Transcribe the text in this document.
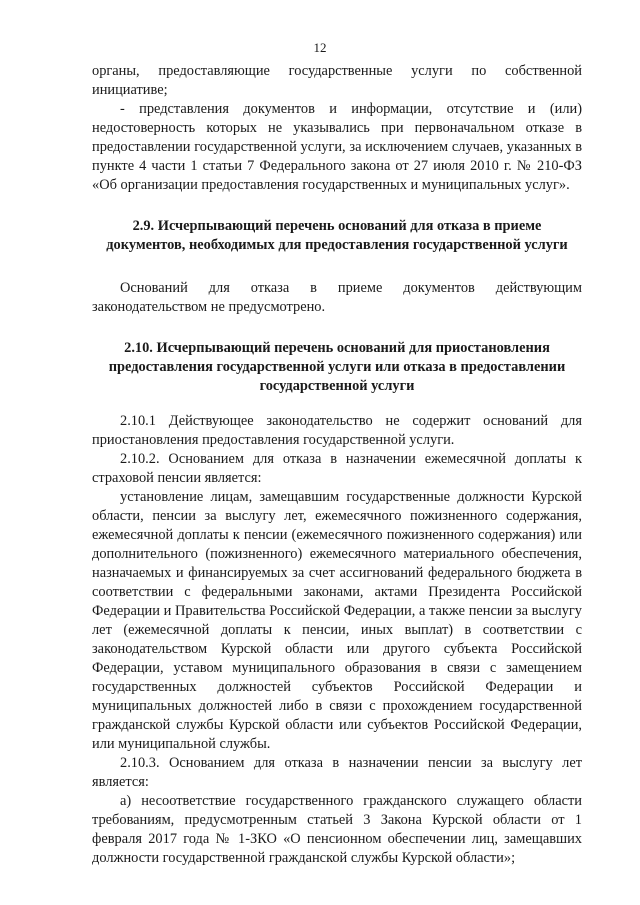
12

органы, предоставляющие государственные услуги по собственной инициативе;

- представления документов и информации, отсутствие и (или) недостоверность которых не указывались при первоначальном отказе в предоставлении государственной услуги, за исключением случаев, указанных в пункте 4 части 1 статьи 7 Федерального закона от 27 июля 2010 г. № 210-ФЗ «Об организации предоставления государственных и муниципальных услуг».

2.9. Исчерпывающий перечень оснований для отказа в приеме документов, необходимых для предоставления государственной услуги

Оснований для отказа в приеме документов действующим законодательством не предусмотрено.

2.10. Исчерпывающий перечень оснований для приостановления предоставления государственной услуги или отказа в предоставлении государственной услуги

2.10.1 Действующее законодательство не содержит оснований для приостановления предоставления государственной услуги.

2.10.2. Основанием для отказа в назначении ежемесячной доплаты к страховой пенсии является:

установление лицам, замещавшим государственные должности Курской области, пенсии за выслугу лет, ежемесячного пожизненного содержания, ежемесячной доплаты к пенсии (ежемесячного пожизненного содержания) или дополнительного (пожизненного) ежемесячного материального обеспечения, назначаемых и финансируемых за счет ассигнований федерального бюджета в соответствии с федеральными законами, актами Президента Российской Федерации и Правительства Российской Федерации, а также пенсии за выслугу лет (ежемесячной доплаты к пенсии, иных выплат) в соответствии с законодательством Курской области или другого субъекта Российской Федерации, уставом муниципального образования в связи с замещением государственных должностей субъектов Российской Федерации и муниципальных должностей либо в связи с прохождением государственной гражданской службы Курской области или субъектов Российской Федерации, или муниципальной службы.

2.10.3. Основанием для отказа в назначении пенсии за выслугу лет является:

а) несоответствие государственного гражданского служащего области требованиям, предусмотренным статьей 3 Закона Курской области от 1 февраля 2017 года № 1-ЗКО «О пенсионном обеспечении лиц, замещавших должности государственной гражданской службы Курской области»;
